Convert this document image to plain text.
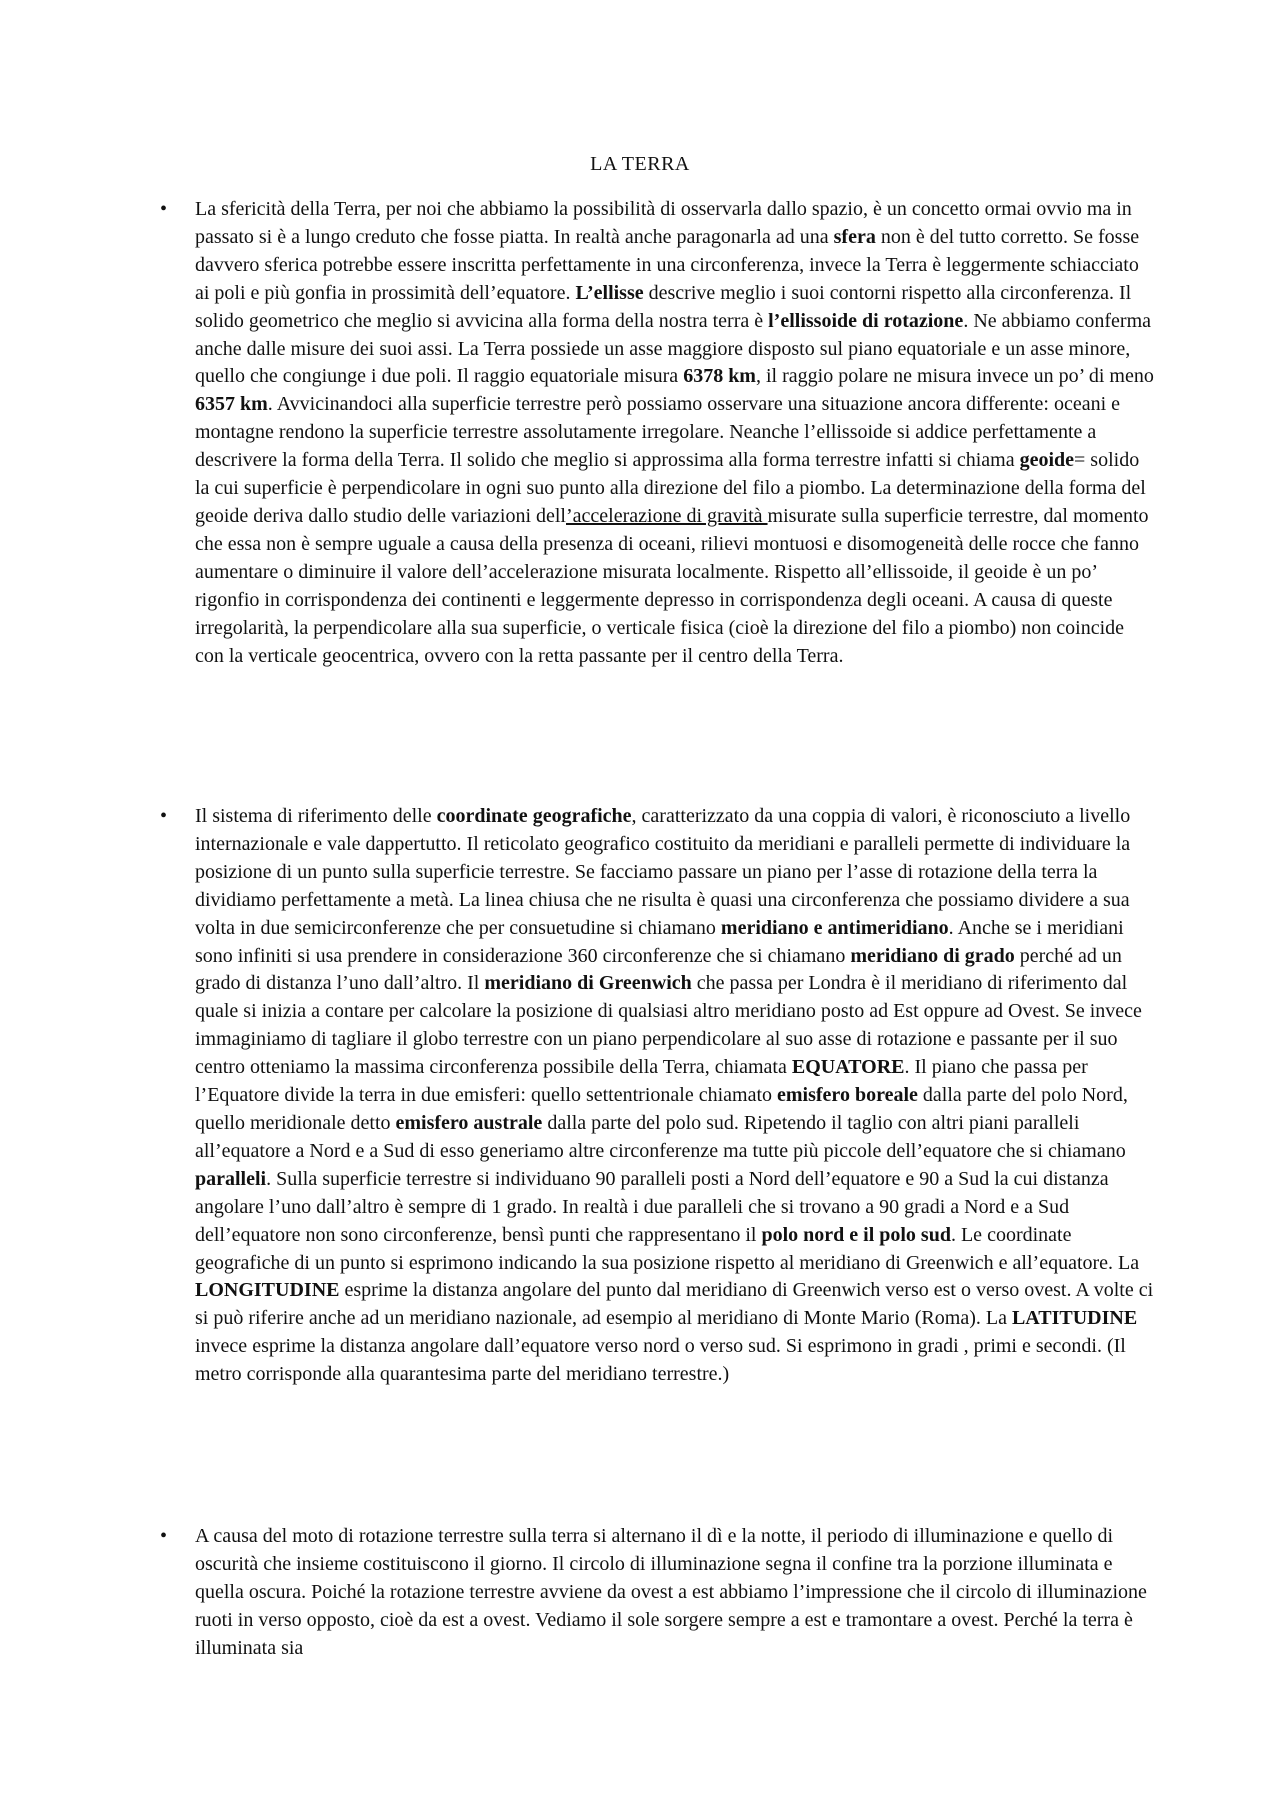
LA TERRA
• La sfericità della Terra, per noi che abbiamo la possibilità di osservarla dallo spazio, è un concetto ormai ovvio ma in passato si è a lungo creduto che fosse piatta. In realtà anche paragonarla ad una sfera non è del tutto corretto. Se fosse davvero sferica potrebbe essere inscritta perfettamente in una circonferenza, invece la Terra è leggermente schiacciato ai poli e più gonfia in prossimità dell’equatore. L’ellisse descrive meglio i suoi contorni rispetto alla circonferenza. Il solido geometrico che meglio si avvicina alla forma della nostra terra è l’ellissoide di rotazione. Ne abbiamo conferma anche dalle misure dei suoi assi. La Terra possiede un asse maggiore disposto sul piano equatoriale e un asse minore, quello che congiunge i due poli. Il raggio equatoriale misura 6378 km, il raggio polare ne misura invece un po’ di meno 6357 km. Avvicinandoci alla superficie terrestre però possiamo osservare una situazione ancora differente: oceani e montagne rendono la superficie terrestre assolutamente irregolare. Neanche l’ellissoide si addice perfettamente a descrivere la forma della Terra. Il solido che meglio si approssima alla forma terrestre infatti si chiama geoide= solido la cui superficie è perpendicolare in ogni suo punto alla direzione del filo a piombo. La determinazione della forma del geoide deriva dallo studio delle variazioni dell’accelerazione di gravità misurate sulla superficie terrestre, dal momento che essa non è sempre uguale a causa della presenza di oceani, rilievi montuosi e disomogeneità delle rocce che fanno aumentare o diminuire il valore dell’accelerazione misurata localmente. Rispetto all’ellissoide, il geoide è un po’ rigonfio in corrispondenza dei continenti e leggermente depresso in corrispondenza degli oceani. A causa di queste irregolarità, la perpendicolare alla sua superficie, o verticale fisica (cioè la direzione del filo a piombo) non coincide con la verticale geocentrica, ovvero con la retta passante per il centro della Terra.
• Il sistema di riferimento delle coordinate geografiche, caratterizzato da una coppia di valori, è riconosciuto a livello internazionale e vale dappertutto. Il reticolato geografico costituito da meridiani e paralleli permette di individuare la posizione di un punto sulla superficie terrestre. Se facciamo passare un piano per l’asse di rotazione della terra la dividiamo perfettamente a metà. La linea chiusa che ne risulta è quasi una circonferenza che possiamo dividere a sua volta in due semicirconferenze che per consuetudine si chiamano meridiano e antimeridiano. Anche se i meridiani sono infiniti si usa prendere in considerazione 360 circonferenze che si chiamano meridiano di grado perché ad un grado di distanza l’uno dall’altro. Il meridiano di Greenwich che passa per Londra è il meridiano di riferimento dal quale si inizia a contare per calcolare la posizione di qualsiasi altro meridiano posto ad Est oppure ad Ovest. Se invece immaginiamo di tagliare il globo terrestre con un piano perpendicolare al suo asse di rotazione e passante per il suo centro otteniamo la massima circonferenza possibile della Terra, chiamata EQUATORE. Il piano che passa per l’Equatore divide la terra in due emisferi: quello settentrionale chiamato emisfero boreale dalla parte del polo Nord, quello meridionale detto emisfero australe dalla parte del polo sud. Ripetendo il taglio con altri piani paralleli all’equatore a Nord e a Sud di esso generiamo altre circonferenze ma tutte più piccole dell’equatore che si chiamano paralleli. Sulla superficie terrestre si individuano 90 paralleli posti a Nord dell’equatore e 90 a Sud la cui distanza angolare l’uno dall’altro è sempre di 1 grado. In realtà i due paralleli che si trovano a 90 gradi a Nord e a Sud dell’equatore non sono circonferenze, bensì punti che rappresentano il polo nord e il polo sud. Le coordinate geografiche di un punto si esprimono indicando la sua posizione rispetto al meridiano di Greenwich e all’equatore. La LONGITUDINE esprime la distanza angolare del punto dal meridiano di Greenwich verso est o verso ovest. A volte ci si può riferire anche ad un meridiano nazionale, ad esempio al meridiano di Monte Mario (Roma). La LATITUDINE invece esprime la distanza angolare dall’equatore verso nord o verso sud. Si esprimono in gradi , primi e secondi. (Il metro corrisponde alla quarantesima parte del meridiano terrestre.)
• A causa del moto di rotazione terrestre sulla terra si alternano il dì e la notte, il periodo di illuminazione e quello di oscurità che insieme costituiscono il giorno. Il circolo di illuminazione segna il confine tra la porzione illuminata e quella oscura. Poiché la rotazione terrestre avviene da ovest a est abbiamo l’impressione che il circolo di illuminazione ruoti in verso opposto, cioè da est a ovest. Vediamo il sole sorgere sempre a est e tramontare a ovest. Perché la terra è illuminata sia
